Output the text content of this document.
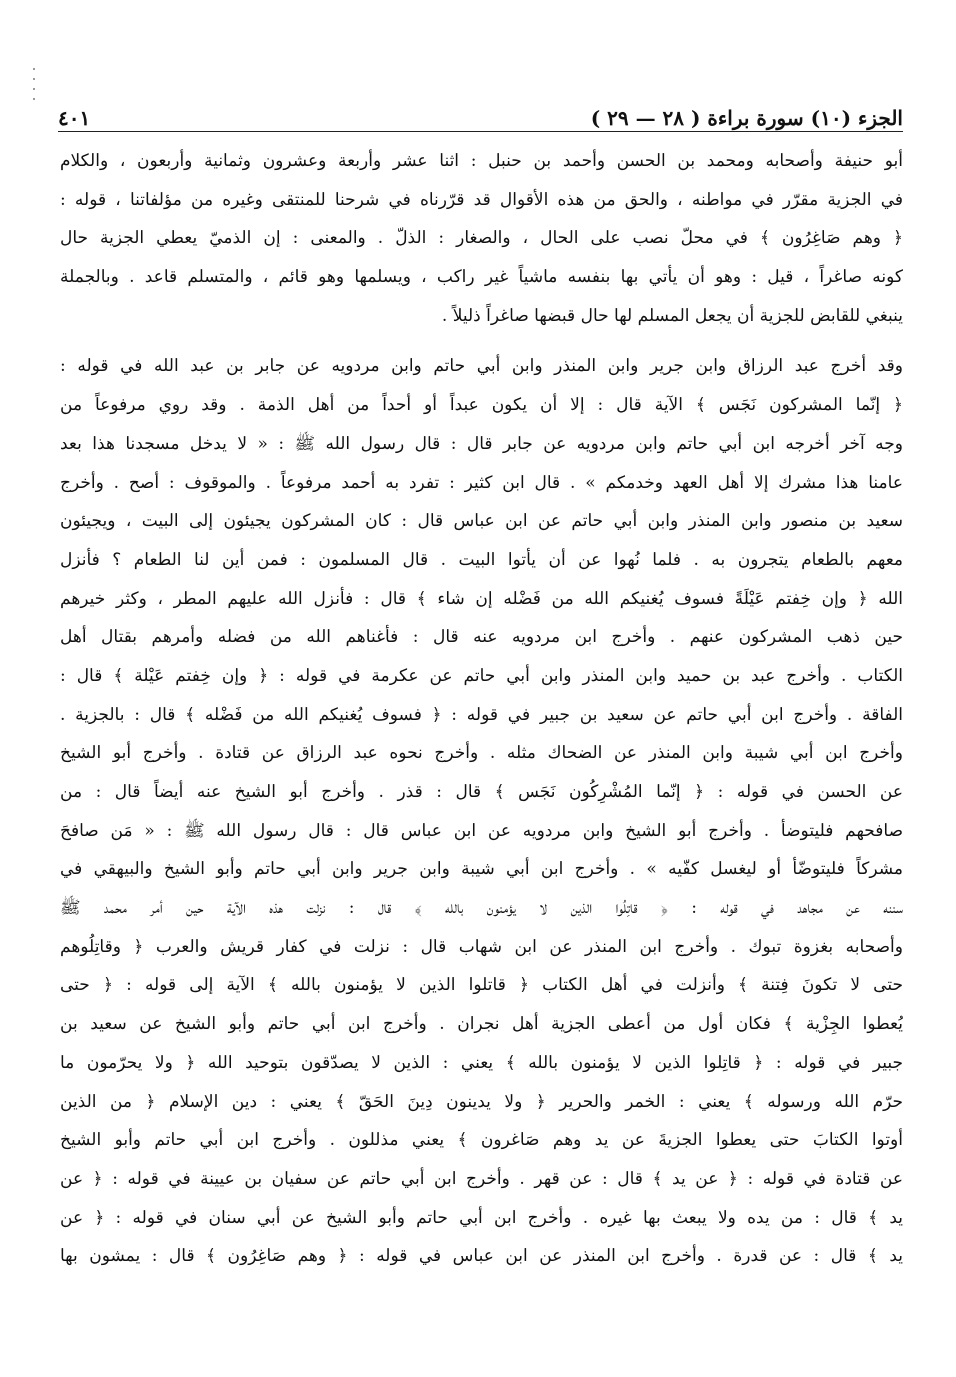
الجزء (١٠) سورة براءة ( ٢٨ — ٢٩ )
٤٠١
أبو حنيفة وأصحابه ومحمد بن الحسن وأحمد بن حنبل : اثنا عشر وأربعة وعشرون وثمانية وأربعون ، والكلام
في الجزية مقرّر في مواطنه ، والحق من هذه الأقوال قد قرّرناه في شرحنا للمنتقى وغيره من مؤلفاتنا ، قوله :
﴿ وهم صَاغِرُون ﴾ في محلّ نصب على الحال ، والصغار : الذلّ . والمعنى : إن الذميّ يعطي الجزية حال
كونه صاغراً ، قيل : وهو أن يأتي بها بنفسه ماشياً غير راكب ، ويسلمها وهو قائم ، والمتسلم قاعد . وبالجملة
ينبغي للقابض للجزية أن يجعل المسلم لها حال قبضها صاغراً ذليلاً .
وقد أخرج عبد الرزاق وابن جرير وابن المنذر وابن أبي حاتم وابن مردويه عن جابر بن عبد الله في قوله :
﴿ إنّما المشركون نَجَس ﴾ الآية قال : إلا أن يكون عبداً أو أحداً من أهل الذمة . وقد روي مرفوعاً من
وجه آخر أخرجه ابن أبي حاتم وابن مردويه عن جابر قال : قال رسول الله ﷺ : « لا يدخل مسجدنا هذا بعد
عامنا هذا مشرك إلا أهل العهد وخدمكم » . قال ابن كثير : تفرد به أحمد مرفوعاً . والموقوف : أصح . وأخرج
سعيد بن منصور وابن المنذر وابن أبي حاتم عن ابن عباس قال : كان المشركون يجيئون إلى البيت ، ويجيئون
معهم بالطعام يتجرون به . فلما نُهوا عن أن يأتوا البيت . قال المسلمون : فمن أين لنا الطعام ؟ فأنزل
الله ﴿ وإن خِفتم عَيْلَةً فسوف يُغنيكم الله من فَضْله إن شاء ﴾ قال : فأنزل الله عليهم المطر ، وكثر خيرهم
حين ذهب المشركون عنهم . وأخرج ابن مردويه عنه قال : فأغناهم الله من فضله وأمرهم بقتال أهل
الكتاب . وأخرج عبد بن حميد وابن المنذر وابن أبي حاتم عن عكرمة في قوله : ﴿ وإن خِفتم عَيْلة ﴾ قال :
الفاقة . وأخرج ابن أبي حاتم عن سعيد بن جبير في قوله : ﴿ فسوف يُغنيكم الله من فَضْله ﴾ قال : بالجزية .
وأخرج ابن أبي شيبة وابن المنذر عن الضحاك مثله . وأخرج نحوه عبد الرزاق عن قتادة . وأخرج أبو الشيخ
عن الحسن في قوله : ﴿ إنّما المُشْرِكُون نَجَس ﴾ قال : قذر . وأخرج أبو الشيخ عنه أيضاً قال : من
صافحهم فليتوضأ . وأخرج أبو الشيخ وابن مردويه عن ابن عباس قال : قال رسول الله ﷺ : « مَن صافحَ
مشركاً فليتوضّأ أو ليغسل كفّيه » . وأخرج ابن أبي شيبة وابن جرير وابن أبي حاتم وأبو الشيخ والبيهقي في
سننه عن مجاهد في قوله : ﴿ قاتِلُوا الذين لا يؤمنون بالله ﴾ قال : نزلت هذه الآية حين أمر محمد ﷺ
وأصحابه بغزوة تبوك . وأخرج ابن المنذر عن ابن شهاب قال : نزلت في كفار قريش والعرب ﴿ وقاتِلُوهم
حتى لا تكونَ فِتنة ﴾ وأنزلت في أهل الكتاب ﴿ قاتلوا الذين لا يؤمنون بالله ﴾ الآية إلى قوله : ﴿ حتى
يُعطوا الجِزْية ﴾ فكان أول من أعطى الجزية أهل نجران . وأخرج ابن أبي حاتم وأبو الشيخ عن سعيد بن
جبير في قوله : ﴿ قاتِلوا الذين لا يؤمنون بالله ﴾ يعني : الذين لا يصدّقون بتوحيد الله ﴿ ولا يحرّمون ما
حرّم الله ورسوله ﴾ يعني : الخمر والحرير ﴿ ولا يدينون دِينَ الحَقّ ﴾ يعني : دين الإسلام ﴿ من الذين
أوتوا الكتابَ حتى يعطوا الجزيةَ عن يد وهم صَاغرون ﴾ يعني مذللون . وأخرج ابن أبي حاتم وأبو الشيخ
عن قتادة في قوله : ﴿ عن يد ﴾ قال : عن قهر . وأخرج ابن أبي حاتم عن سفيان بن عيينة في قوله : ﴿ عن
يد ﴾ قال : من يده ولا يبعث بها غيره . وأخرج ابن أبي حاتم وأبو الشيخ عن أبي سنان في قوله : ﴿ عن
يد ﴾ قال : عن قدرة . وأخرج ابن المنذر عن ابن عباس في قوله : ﴿ وهم صَاغِرُون ﴾ قال : يمشون بها
